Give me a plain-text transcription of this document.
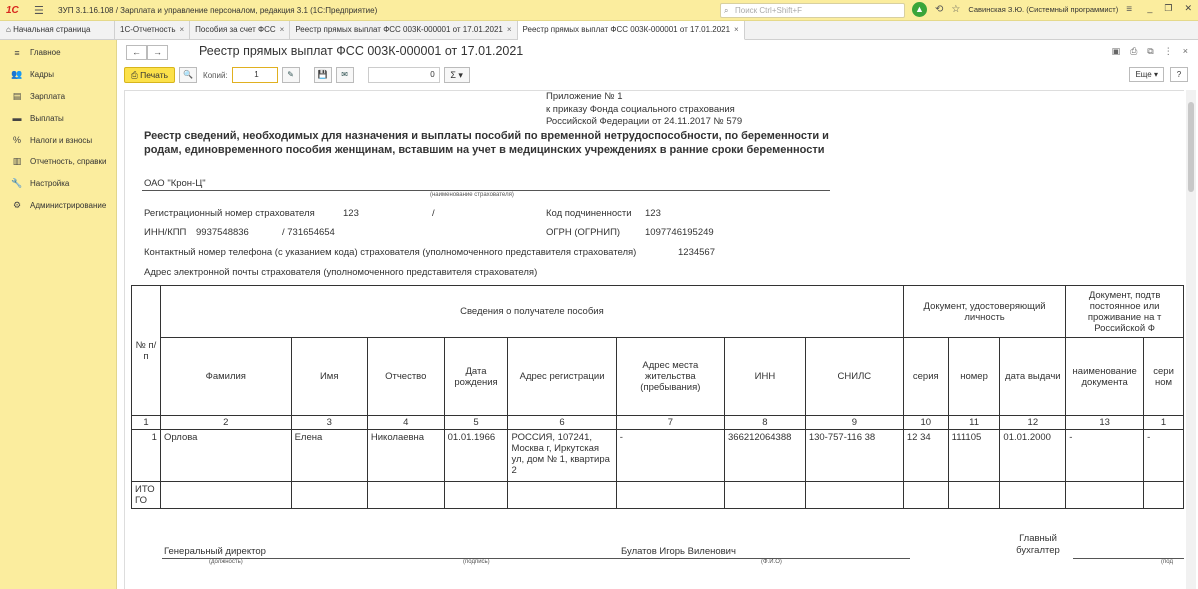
1С	☰ ЗУП 3.1.16.108 / Зарплата и управление персоналом, редакция 3.1 (1С:Предприятие)	⌕ Поиск Ctrl+Shift+F	▲	⟲ ☆ Савинская З.Ю. (Системный программист) ≡ _ ❐ ✕
⌂ Начальная страница	1С-Отчетность ×	Пособия за счет ФСС ×	Реестр прямых выплат ФСС 003К-000001 от 17.01.2021 ×	Реестр прямых выплат ФСС 003К-000001 от 17.01.2021 ×
≡	Главное
👥 Кадры
▤	Зарплата
▬	Выплаты
%	Налоги и взносы
▥	Отчетность, справки
🔧 Настройка
⚙	Администрирование
←	→	Реестр прямых выплат ФСС 003К-000001 от 17.01.2021	▣ ⎙ ⧉ ⋮ ×
⎙ Печать	🔍	Копий:	1	✎	💾	✉	0	Σ ▾	Еще ▾	?
Приложение № 1
к приказу Фонда социального страхования
Российской Федерации от 24.11.2017 № 579
Реестр сведений, необходимых для назначения и выплаты пособий по временной нетрудоспособности, по беременности и родам, единовременного пособия женщинам, вставшим на учет в медицинских учреждениях в ранние сроки беременности
ОАО "Крон-Ц"
(наименование страхователя)
Регистрационный номер страхователя	123	/	Код подчиненности 123
ИНН/КПП 9937548836	/ 731654654	ОГРН (ОГРНИП)	1097746195249
Контактный номер телефона (с указанием кода) страхователя (уполномоченного представителя страхователя)	1234567
Адрес электронной почты страхователя (уполномоченного представителя страхователя)
№ п/п	Сведения о получателе пособия								Документ, удостоверяющий личность			Документ, подтв постоянное или проживание на т Российской Ф	
	Фамилия	Имя	Отчество	Дата рождения	Адрес регистрации	Адрес места жительства (пребывания)	ИНН	СНИЛС	серия	номер	дата выдачи	наименование документа	сери ном
1	2	3	4	5	6	7	8	9	10	11	12	13	1
1	Орлова	Елена	Николаевна	01.01.1966	РОССИЯ, 107241, Москва г, Иркутская ул, дом № 1, квартира 2	-	366212064388	130-757-116 38	12 34	111105	01.01.2000	-	-
ИТО ГО													
Генеральный директор	Булатов Игорь Виленович
(должность)	(подпись)	(Ф.И.О)
Главный бухгалтер
(под
